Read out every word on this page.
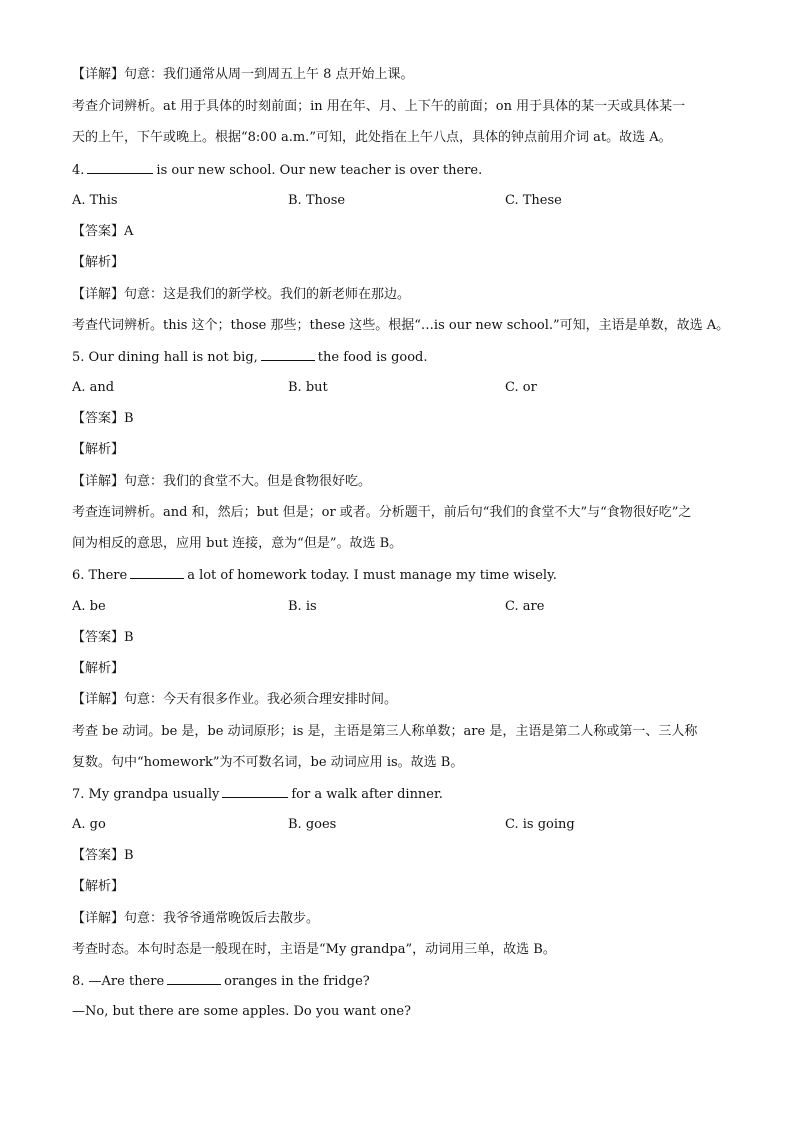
【详解】句意：我们通常从周一到周五上午 8 点开始上课。
考查介词辨析。at 用于具体的时刻前面；in 用在年、月、上下午的前面；on 用于具体的某一天或具体某一
天的上午，下午或晚上。根据“8:00 a.m.”可知，此处指在上午八点，具体的钟点前用介词 at。故选 A。
4.	is our new school. Our new teacher is over there.
A. This	B. Those	C. These
【答案】A
【解析】
【详解】句意：这是我们的新学校。我们的新老师在那边。
考查代词辨析。this 这个；those 那些；these 这些。根据“…is our new school.”可知，主语是单数，故选 A。
5. Our dining hall is not big,	the food is good.
A. and	B. but	C. or
【答案】B
【解析】
【详解】句意：我们的食堂不大。但是食物很好吃。
考查连词辨析。and 和，然后；but 但是；or 或者。分析题干，前后句“我们的食堂不大”与“食物很好吃”之
间为相反的意思，应用 but 连接，意为“但是”。故选 B。
6. There	a lot of homework today. I must manage my time wisely.
A. be	B. is	C. are
【答案】B
【解析】
【详解】句意：今天有很多作业。我必须合理安排时间。
考查 be 动词。be 是，be 动词原形；is 是，主语是第三人称单数；are 是，主语是第二人称或第一、三人称
复数。句中“homework”为不可数名词，be 动词应用 is。故选 B。
7. My grandpa usually	for a walk after dinner.
A. go	B. goes	C. is going
【答案】B
【解析】
【详解】句意：我爷爷通常晚饭后去散步。
考查时态。本句时态是一般现在时，主语是“My grandpa”，动词用三单，故选 B。
8. —Are there	oranges in the fridge?
—No, but there are some apples. Do you want one?
